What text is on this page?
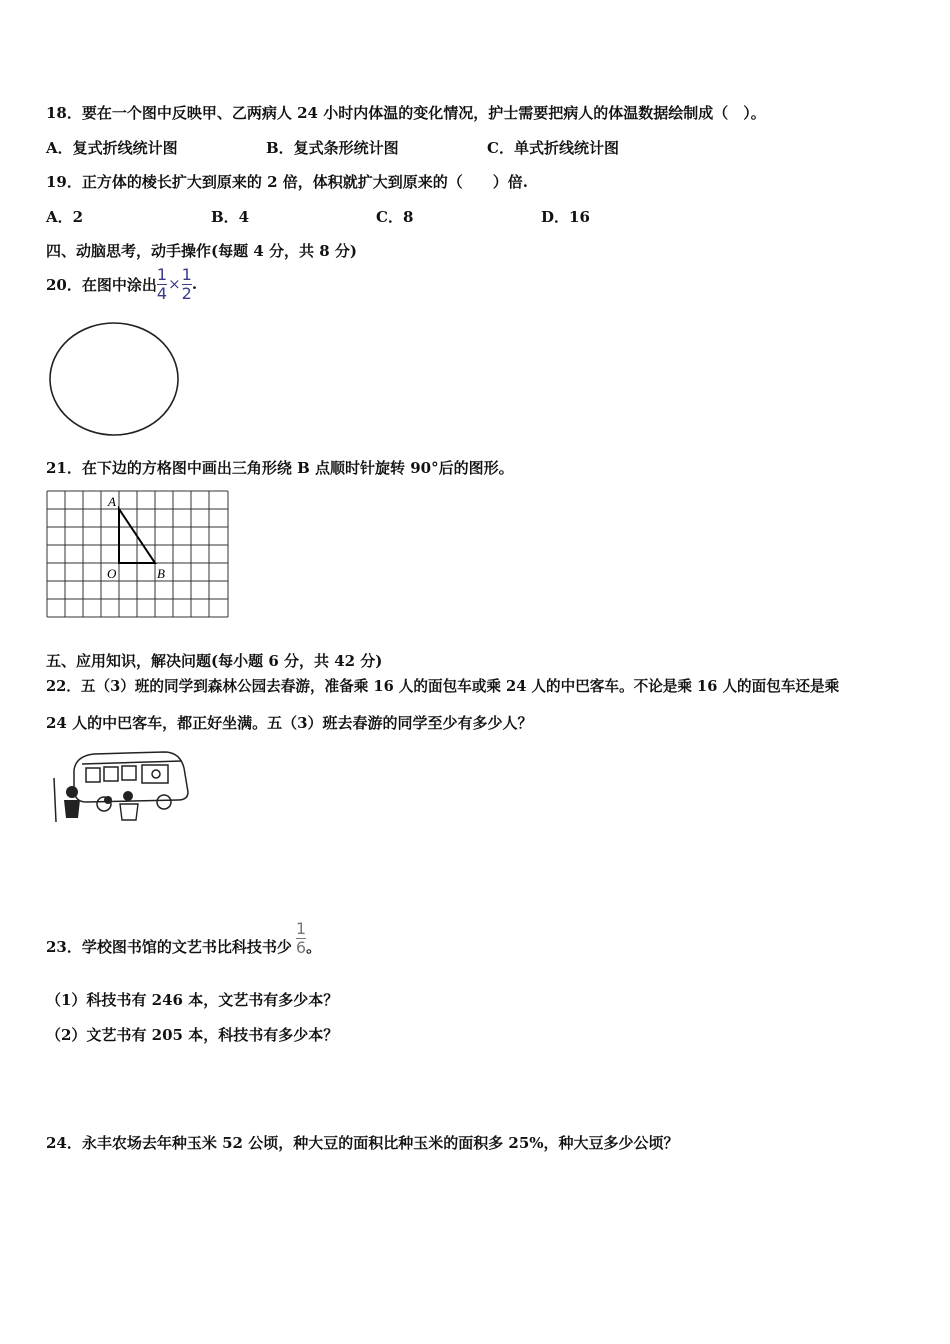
18．要在一个图中反映甲、乙两病人 24 小时内体温的变化情况，护士需要把病人的体温数据绘制成（　）。
A．复式折线统计图	B．复式条形统计图	C．单式折线统计图
19．正方体的棱长扩大到原来的 2 倍，体积就扩大到原来的（　　）倍.
A．2	B．4	C．8	D．16
四、动脑思考，动手操作(每题 4 分，共 8 分)
20．在图中涂出 $\frac{1}{4} \times \frac{1}{2}$ .
21．在下边的方格图中画出三角形绕 B 点顺时针旋转 90°后的图形。
A
O	B
五、应用知识，解决问题(每小题 6 分，共 42 分)
22．五（3）班的同学到森林公园去春游，准备乘 16 人的面包车或乘 24 人的中巴客车。不论是乘 16 人的面包车还是乘
24 人的中巴客车，都正好坐满。五（3）班去春游的同学至少有多少人？
23．学校图书馆的文艺书比科技书少 $\frac{1}{6}$ 。
（1）科技书有 246 本，文艺书有多少本？
（2）文艺书有 205 本，科技书有多少本？
24．永丰农场去年种玉米 52 公顷，种大豆的面积比种玉米的面积多 25%，种大豆多少公顷？
